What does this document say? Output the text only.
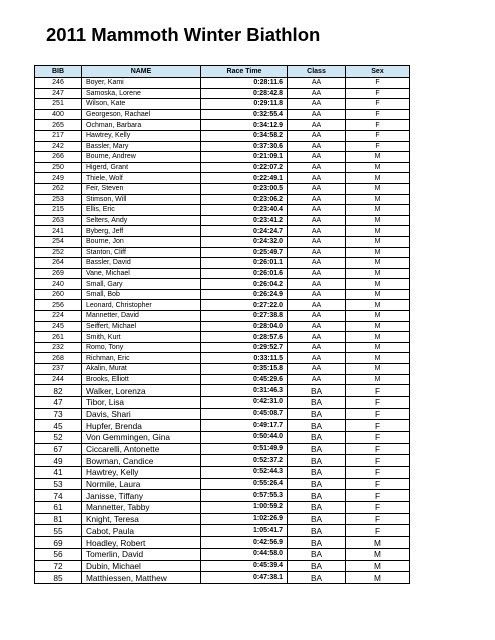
2011 Mammoth Winter Biathlon
BIB	NAME	Race Time	Class	Sex
246	Boyer, Kami	0:28:11.6	AA	F
247	Samoska, Lorene	0:28:42.8	AA	F
251	Wilson, Kate	0:29:11.8	AA	F
400	Georgeson, Rachael	0:32:55.4	AA	F
265	Ochman, Barbara	0:34:12.9	AA	F
217	Hawtrey, Kelly	0:34:58.2	AA	F
242	Bassler, Mary	0:37:30.6	AA	F
266	Bourne, Andrew	0:21:09.1	AA	M
250	Higerd, Grant	0:22:07.2	AA	M
249	Thiele, Wolf	0:22:49.1	AA	M
262	Feir, Steven	0:23:00.5	AA	M
253	Stimson, Will	0:23:06.2	AA	M
215	Ellis, Eric	0:23:40.4	AA	M
263	Selters, Andy	0:23:41.2	AA	M
241	Byberg, Jeff	0:24:24.7	AA	M
254	Bourne, Jon	0:24:32.0	AA	M
252	Stanton, Cliff	0:25:49.7	AA	M
264	Bassler, David	0:26:01.1	AA	M
269	Vane, Michael	0:26:01.6	AA	M
240	Small, Gary	0:26:04.2	AA	M
260	Small, Bob	0:26:24.9	AA	M
256	Leonard, Christopher	0:27:22.0	AA	M
224	Mannetter, David	0:27:38.8	AA	M
245	Seiffert, Michael	0:28:04.0	AA	M
261	Smith, Kurt	0:28:57.6	AA	M
232	Romo, Tony	0:29:52.7	AA	M
268	Richman, Eric	0:33:11.5	AA	M
237	Akalin, Murat	0:35:15.8	AA	M
244	Brooks, Elliott	0:45:29.6	AA	M
82	Walker, Lorenza	0:31:46.3	BA	F
47	Tibor, Lisa	0:42:31.0	BA	F
73	Davis, Shari	0:45:08.7	BA	F
45	Hupfer, Brenda	0:49:17.7	BA	F
52	Von Gemmingen, Gina	0:50:44.0	BA	F
67	Ciccarelli, Antonette	0:51:49.9	BA	F
49	Bowman, Candice	0:52:37.2	BA	F
41	Hawtrey, Kelly	0:52:44.3	BA	F
53	Normile, Laura	0:55:26.4	BA	F
74	Janisse, Tiffany	0:57:55.3	BA	F
61	Mannetter, Tabby	1:00:59.2	BA	F
81	Knight, Teresa	1:02:26.9	BA	F
55	Cabot, Paula	1:05:41.7	BA	F
69	Hoadley, Robert	0:42:56.9	BA	M
56	Tomerlin, David	0:44:58.0	BA	M
72	Dubin, Michael	0:45:39.4	BA	M
85	Matthiessen, Matthew	0:47:38.1	BA	M
